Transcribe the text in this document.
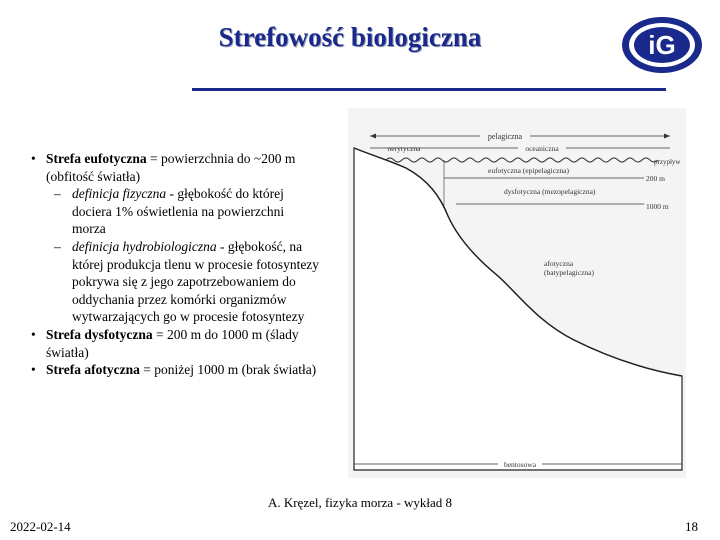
Strefowość biologiczna	iG
• Strefa eufotyczna = powierzchnia do ~200 m (obfitość światła)
– definicja fizyczna - głębokość do której dociera 1% oświetlenia na powierzchni morza
– definicja hydrobiologiczna - głębokość, na której produkcja tlenu w procesie fotosyntezy pokrywa się z jego zapotrzebowaniem do oddychania przez komórki organizmów wytwarzających go w procesie fotosyntezy
• Strefa dysfotyczna = 200 m do 1000 m (ślady światła)
• Strefa afotyczna = poniżej 1000 m (brak światła)
pelagiczna
nerytyczna	oceaniczna
przypływ
200 m
1000 m
eufotyczna (epipelagiczna)
dysfotyczna (mezopelagiczna)
afotyczna
(batypelagiczna)
bentosowa
A. Kręzel, fizyka morza - wykład 8
2022-02-14	18
